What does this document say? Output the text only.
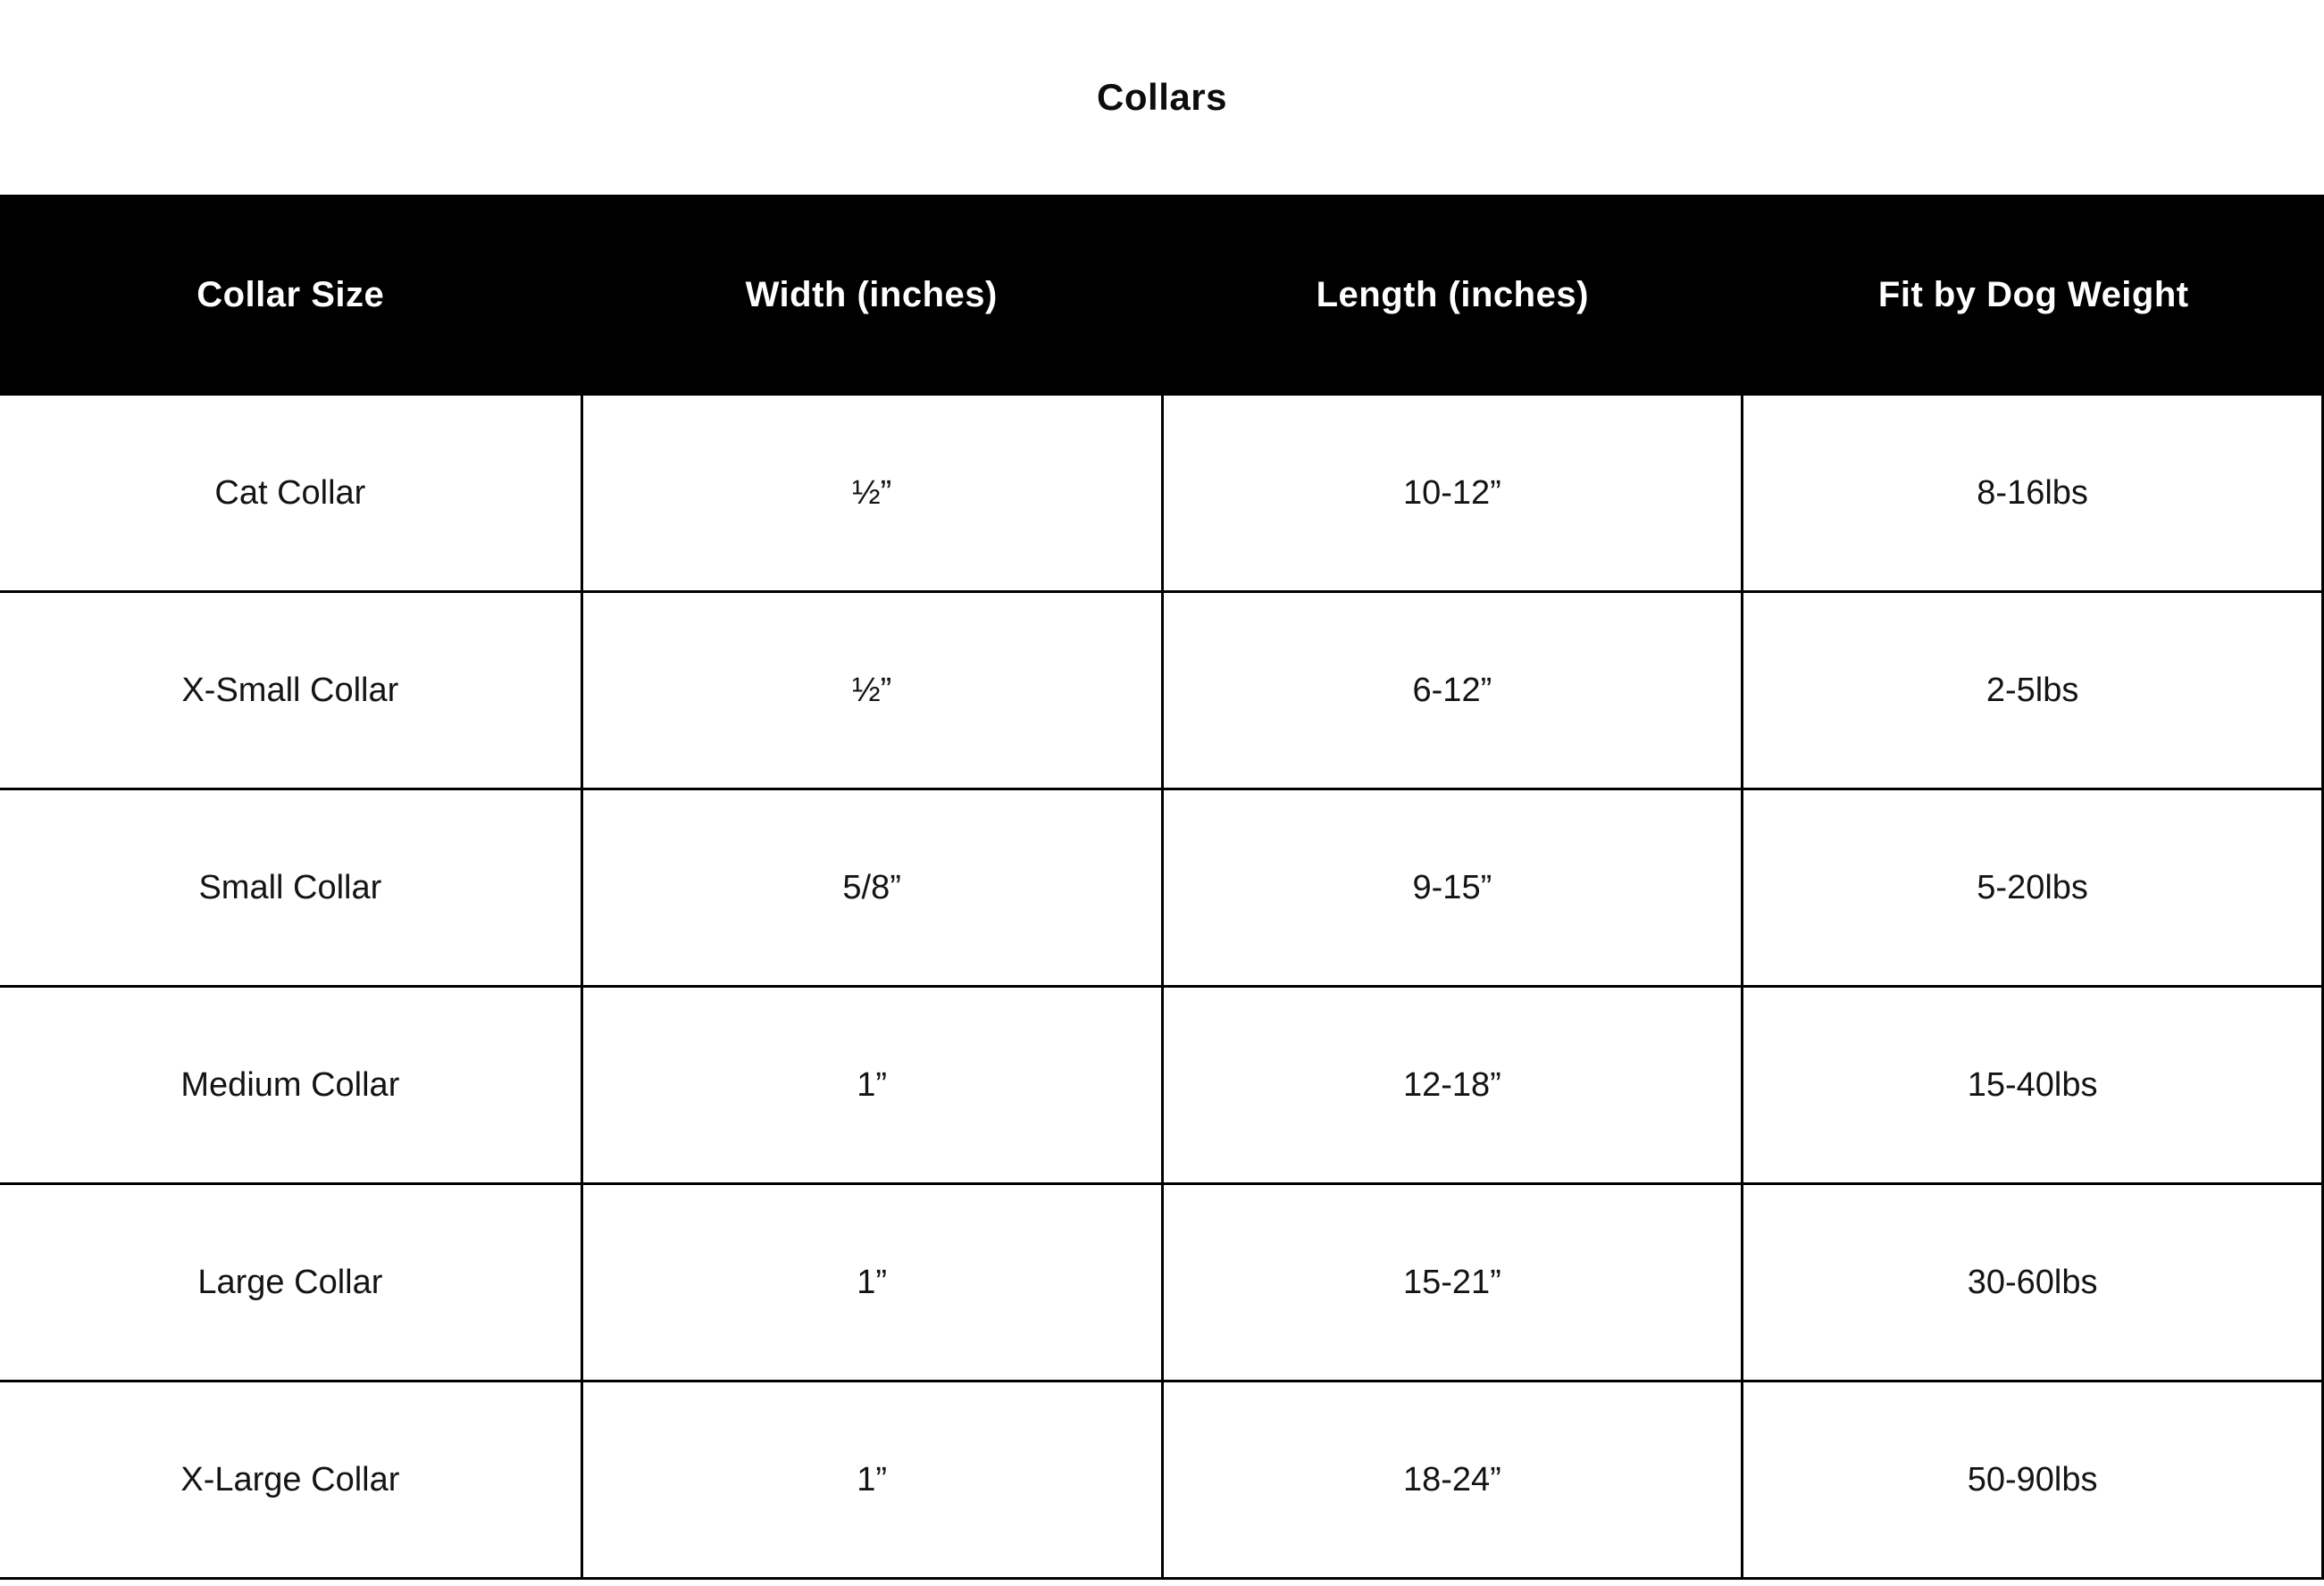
Collars
Collar Size	Width (inches)	Length (inches)	Fit by Dog Weight
Cat Collar	½”	10-12”	8-16lbs
X-Small Collar	½”	6-12”	2-5lbs
Small Collar	5/8”	9-15”	5-20lbs
Medium Collar	1”	12-18”	15-40lbs
Large Collar	1”	15-21”	30-60lbs
X-Large Collar	1”	18-24”	50-90lbs
